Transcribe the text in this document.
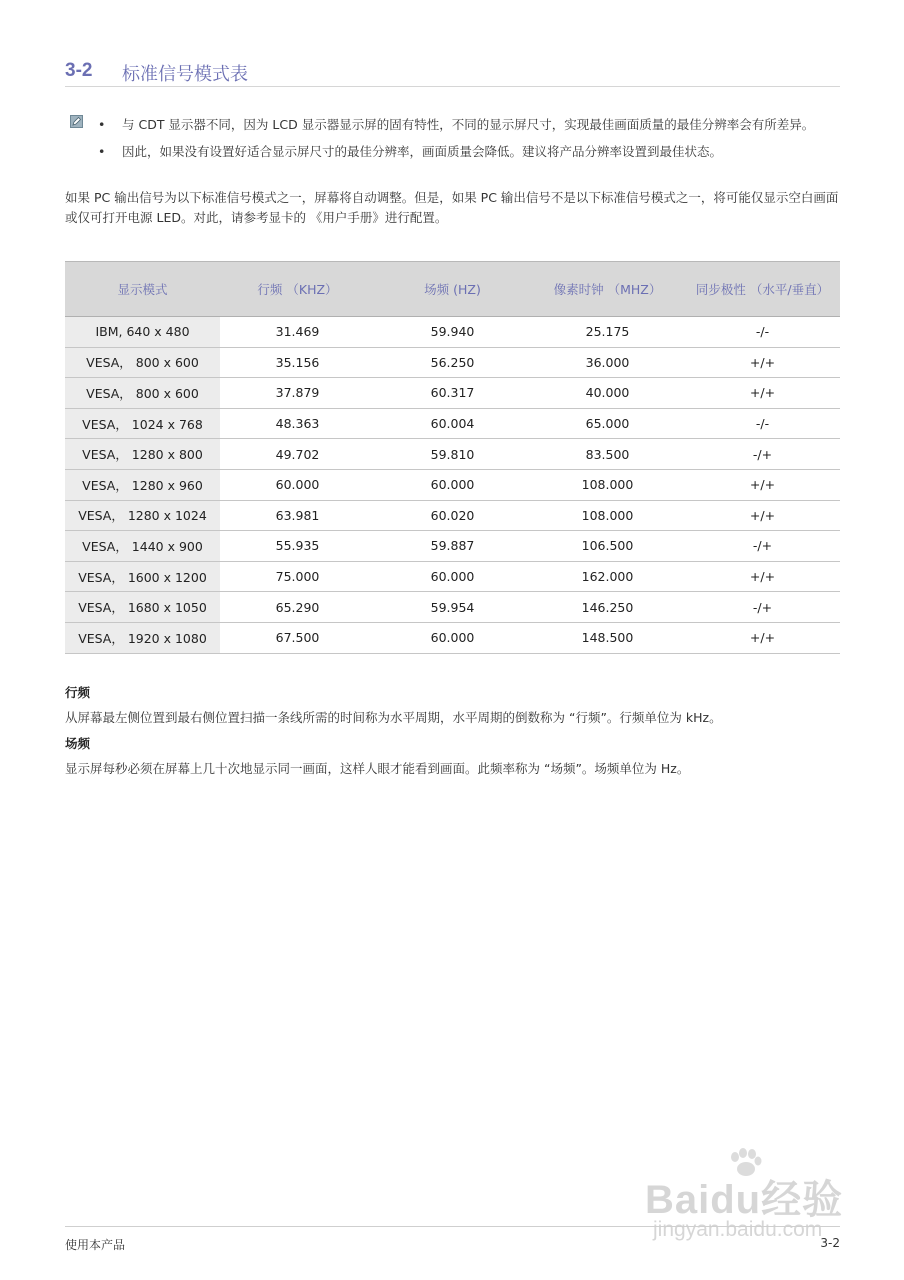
3-2 标准信号模式表
• 与 CDT 显示器不同，因为 LCD 显示器显示屏的固有特性，不同的显示屏尺寸，实现最佳画面质量的最佳分辨率会有所差异。
• 因此，如果没有设置好适合显示屏尺寸的最佳分辨率，画面质量会降低。建议将产品分辨率设置到最佳状态。
如果 PC 输出信号为以下标准信号模式之一，屏幕将自动调整。但是，如果 PC 输出信号不是以下标准信号模式之一，将可能仅显示空白画面或仅可打开电源 LED。对此，请参考显卡的 《用户手册》进行配置。
显示模式	行频 （KHZ）	场频 (HZ)	像素时钟 （MHZ）	同步极性 （水平/垂直）
IBM, 640 x 480	31.469	59.940	25.175	-/-
VESA， 800 x 600	35.156	56.250	36.000	+/+
VESA， 800 x 600	37.879	60.317	40.000	+/+
VESA， 1024 x 768	48.363	60.004	65.000	-/-
VESA， 1280 x 800	49.702	59.810	83.500	-/+
VESA， 1280 x 960	60.000	60.000	108.000	+/+
VESA， 1280 x 1024	63.981	60.020	108.000	+/+
VESA， 1440 x 900	55.935	59.887	106.500	-/+
VESA， 1600 x 1200	75.000	60.000	162.000	+/+
VESA， 1680 x 1050	65.290	59.954	146.250	-/+
VESA， 1920 x 1080	67.500	60.000	148.500	+/+
行频
从屏幕最左侧位置到最右侧位置扫描一条线所需的时间称为水平周期，水平周期的倒数称为 “行频”。行频单位为 kHz。
场频
显示屏每秒必须在屏幕上几十次地显示同一画面，这样人眼才能看到画面。此频率称为 “场频”。场频单位为 Hz。
Baidu经验
jingyan.baidu.com
使用本产品	3-2
